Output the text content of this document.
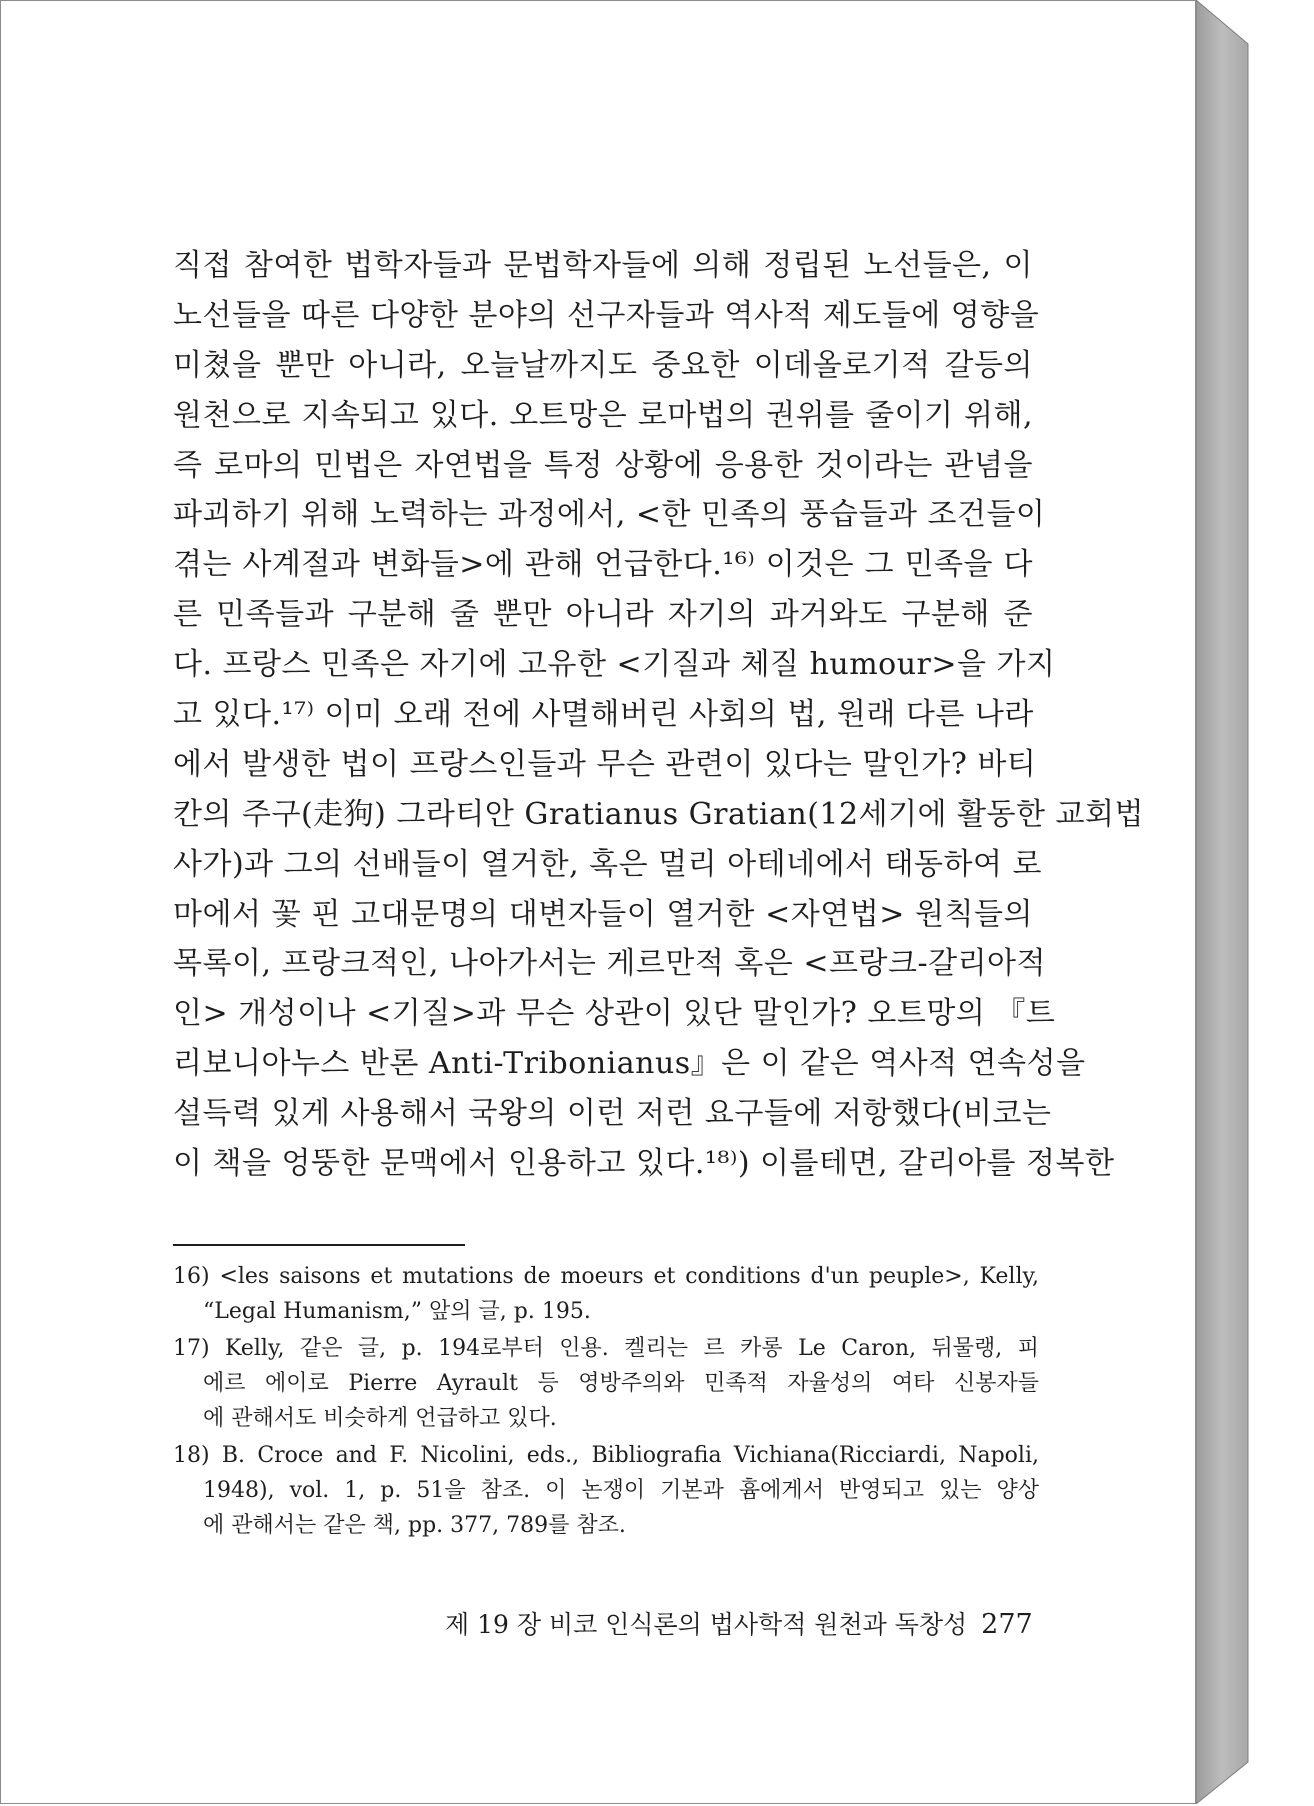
직접 참여한 법학자들과 문법학자들에 의해 정립된 노선들은, 이
노선들을 따른 다양한 분야의 선구자들과 역사적 제도들에 영향을
미쳤을 뿐만 아니라, 오늘날까지도 중요한 이데올로기적 갈등의
원천으로 지속되고 있다. 오트망은 로마법의 권위를 줄이기 위해,
즉 로마의 민법은 자연법을 특정 상황에 응용한 것이라는 관념을
파괴하기 위해 노력하는 과정에서, <한 민족의 풍습들과 조건들이
겪는 사계절과 변화들>에 관해 언급한다.¹⁶⁾ 이것은 그 민족을 다
른 민족들과 구분해 줄 뿐만 아니라 자기의 과거와도 구분해 준
다. 프랑스 민족은 자기에 고유한 <기질과 체질 humour>을 가지
고 있다.¹⁷⁾ 이미 오래 전에 사멸해버린 사회의 법, 원래 다른 나라
에서 발생한 법이 프랑스인들과 무슨 관련이 있다는 말인가? 바티
칸의 주구(走狗) 그라티안 Gratianus Gratian(12세기에 활동한 교회법
사가)과 그의 선배들이 열거한, 혹은 멀리 아테네에서 태동하여 로
마에서 꽃 핀 고대문명의 대변자들이 열거한 <자연법> 원칙들의
목록이, 프랑크적인, 나아가서는 게르만적 혹은 <프랑크-갈리아적
인> 개성이나 <기질>과 무슨 상관이 있단 말인가? 오트망의 『트
리보니아누스 반론 Anti-Tribonianus』은 이 같은 역사적 연속성을
설득력 있게 사용해서 국왕의 이런 저런 요구들에 저항했다(비코는
이 책을 엉뚱한 문맥에서 인용하고 있다.¹⁸⁾) 이를테면, 갈리아를 정복한
16) <les saisons et mutations de moeurs et conditions d'un peuple>, Kelly,
“Legal Humanism,” 앞의 글, p. 195.
17) Kelly, 같은 글, p. 194로부터 인용. 켈리는 르 카롱 Le Caron, 뒤물랭, 피
에르 에이로 Pierre Ayrault 등 영방주의와 민족적 자율성의 여타 신봉자들
에 관해서도 비슷하게 언급하고 있다.
18) B. Croce and F. Nicolini, eds., Bibliografia Vichiana(Ricciardi, Napoli,
1948), vol. 1, p. 51을 참조. 이 논쟁이 기본과 흄에게서 반영되고 있는 양상
에 관해서는 같은 책, pp. 377, 789를 참조.
제 19 장 비코 인식론의 법사학적 원천과 독창성 277
